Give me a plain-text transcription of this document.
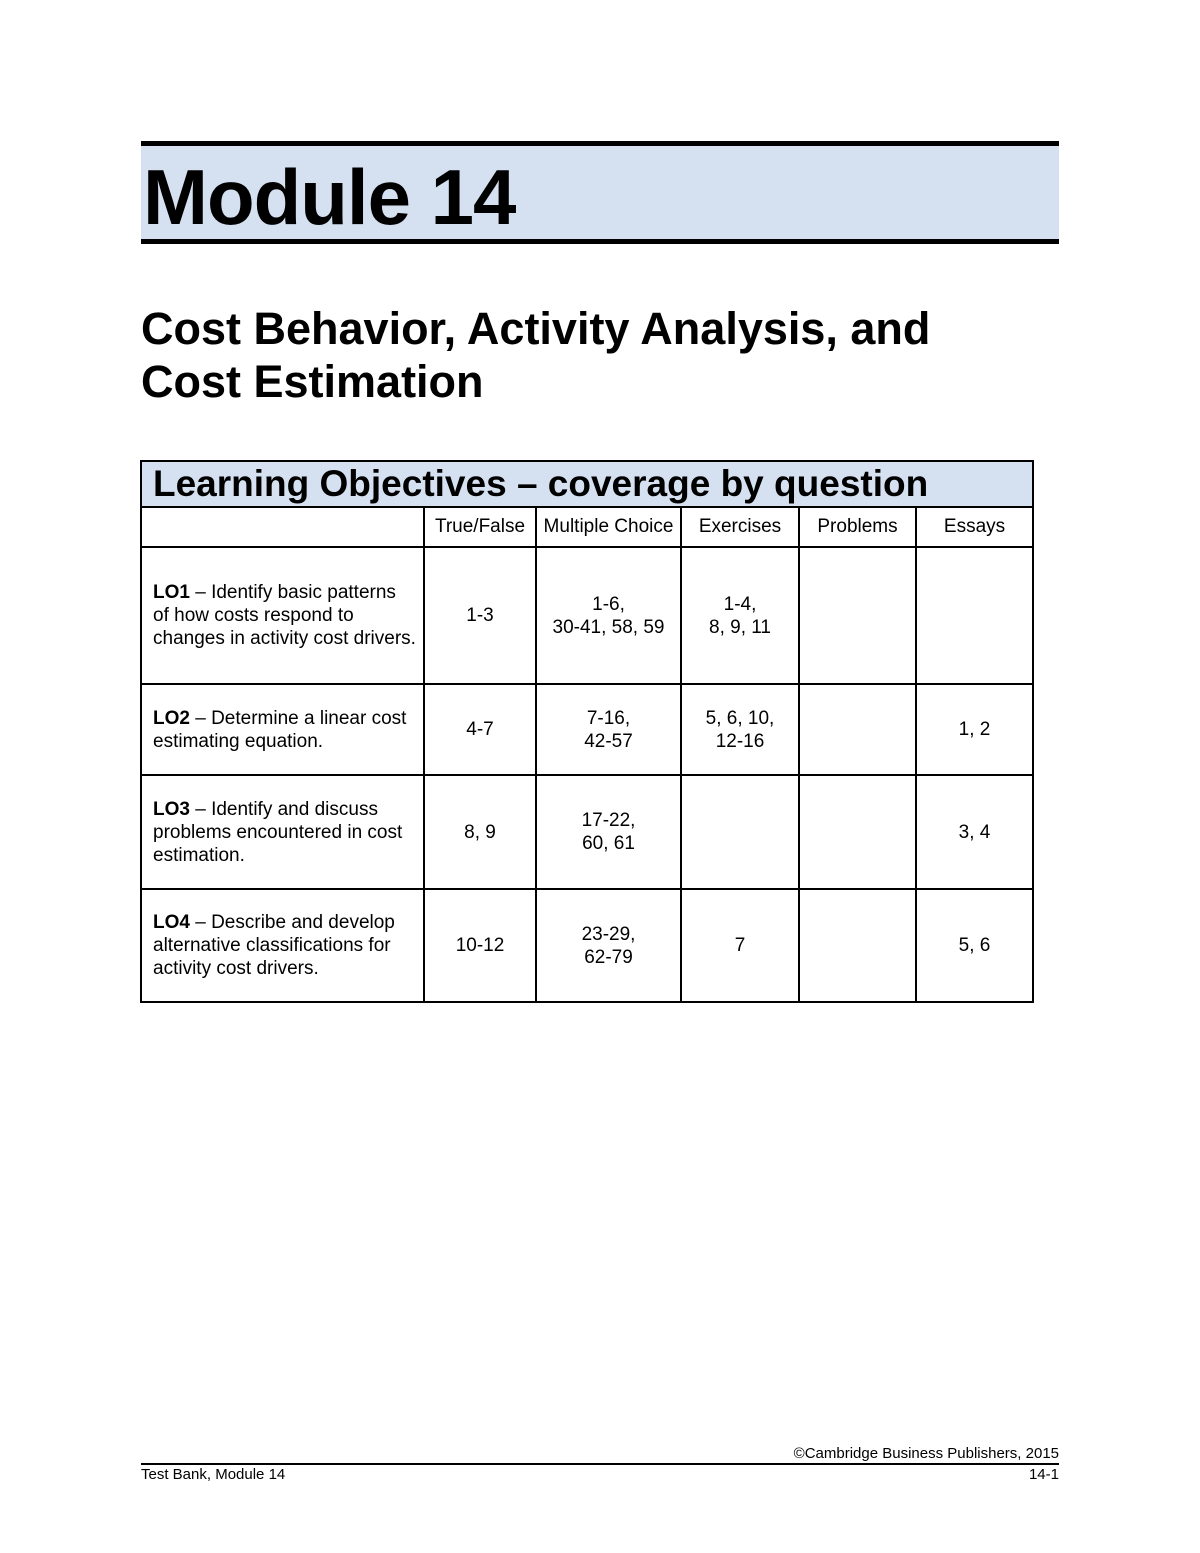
Module 14
Cost Behavior, Activity Analysis, and
Cost Estimation
Learning Objectives – coverage by question					
	True/False	Multiple Choice	Exercises	Problems	Essays
LO1 – Identify basic patterns of how costs respond to changes in activity cost drivers.	1-3	1-6,
30-41, 58, 59	1-4,
8, 9, 11		

LO2 – Determine a linear cost estimating equation.	4-7	7-16,
42-57	5, 6, 10,
12-16		1, 2

LO3 – Identify and discuss problems encountered in cost estimation.	8, 9	17-22,
60, 61			3, 4

LO4 – Describe and develop alternative classifications for activity cost drivers.	10-12	23-29,
62-79	7		5, 6

©Cambridge Business Publishers, 2015

Test Bank, Module 14	14-1
